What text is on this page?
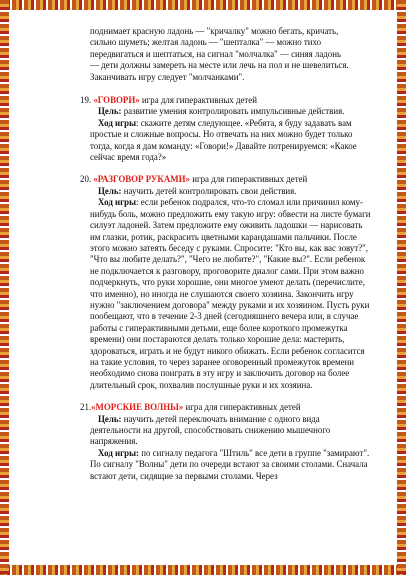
поднимает красную ладонь — "кричалку" можно бегать, кричать,

сильно шуметь; желтая ладонь — "шепталка" — можно тихо

передвигаться и шептаться, на сигнал "молчалка" — синяя ладонь

— дети должны замереть на месте или лечь на пол и не шевелиться.

Заканчивать игру следует "молчанками".

19. «ГОВОРИ» игра для гиперактивных детей

Цель: развитие умения контролировать импульсивные действия.

Ход игры: скажите детям следующее. «Ребята, я буду задавать вам простые и сложные вопросы. Но отвечать на них можно будет только тогда, когда я дам команду: «Говори!» Давайте потренируемся: «Какое сейчас время года?»

20. «РАЗГОВОР РУКАМИ» игра для гиперактивных детей

Цель: научить детей контролировать свои действия.

Ход игры: если ребенок подрался, что-то сломал или причинил кому-нибудь боль, можно предложить ему такую игру: обвести на листе бумаги силуэт ладоней. Затем предложите ему оживить ладошки — нарисовать им глазки, ротик, раскрасить цветными карандашами пальчики. После этого можно затеять беседу с руками. Спросите: "Кто вы, как вас зовут?", "Что вы любите делать?", "Чего не любите?", "Какие вы?". Если ребенок не подключается к разговору, проговорите диалог сами. При этом важно подчеркнуть, что руки хорошие, они многое умеют делать (перечислите, что именно), но иногда не слушаются своего хозяина. Закончить игру нужно "заключением договора" между руками и их хозяином. Пусть руки пообещают, что в течение 2-3 дней (сегодняшнего вечера или, в случае работы с гиперактивными детьми, еще более короткого промежутка времени) они постараются делать только хорошие дела: мастерить, здороваться, играть и не будут никого обижать. Если ребенок согласится на такие условия, то через заранее оговоренный промежуток времени необходимо снова поиграть в эту игру и заключить договор на более длительный срок, похвалив послушные руки и их хозяина.

21.«МОРСКИЕ ВОЛНЫ» игра для гиперактивных детей

Цель: научить детей переключать внимание с одного вида деятельности на другой, способствовать снижению мышечного напряжения.

Ход игры: по сигналу педагога "Штиль" все дети в группе "замирают". По сигналу "Волны" дети по очереди встают за своими столами. Сначала встают дети, сидящие за первыми столами. Через
